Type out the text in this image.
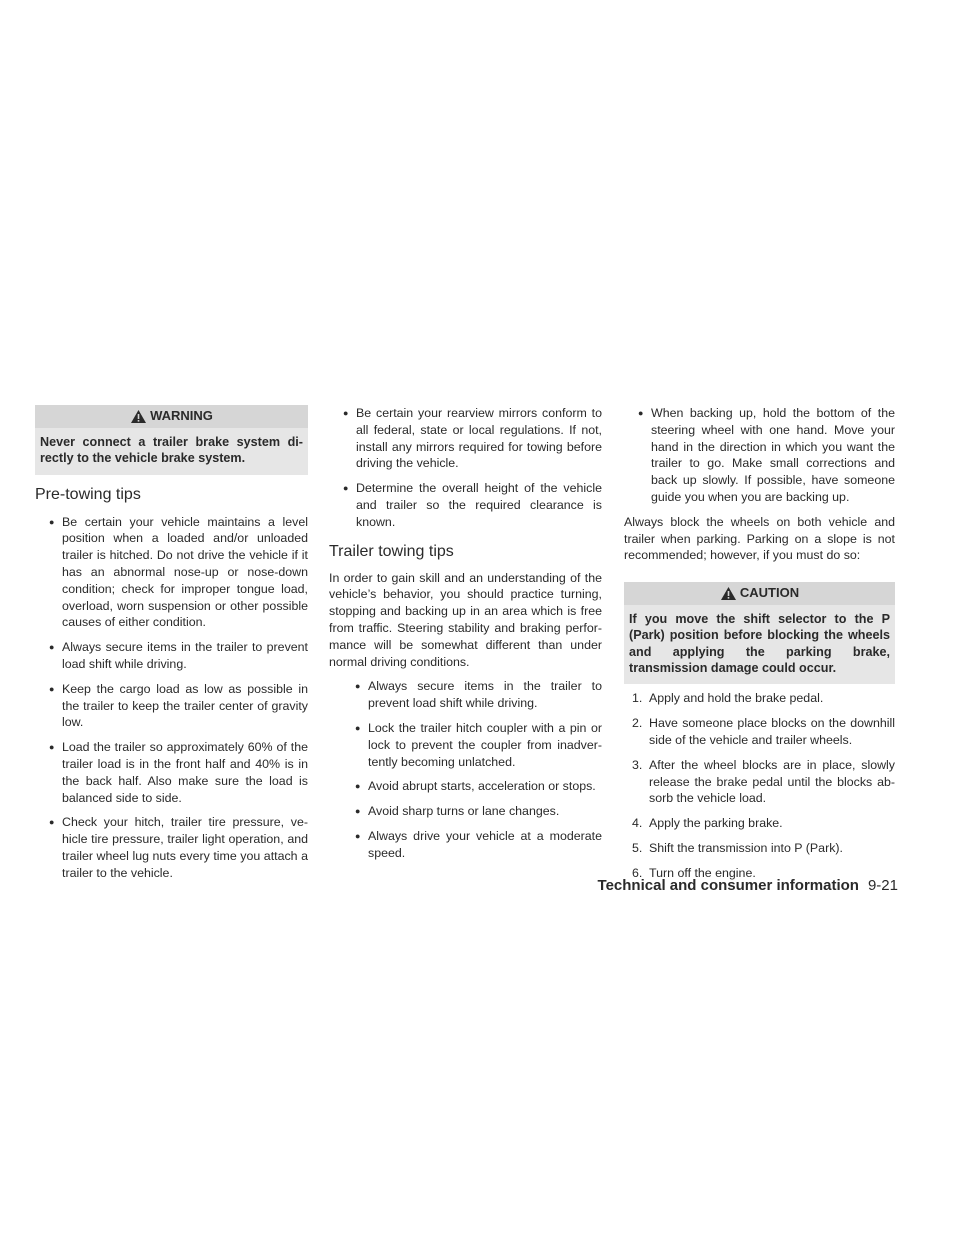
WARNING
Never connect a trailer brake system di-rectly to the vehicle brake system.
Pre-towing tips
● Be certain your vehicle maintains a level position when a loaded and/or unloaded trailer is hitched. Do not drive the vehicle if it has an abnormal nose-up or nose-down condition; check for improper tongue load, overload, worn suspension or other possible causes of either condition.
● Always secure items in the trailer to prevent load shift while driving.
● Keep the cargo load as low as possible in the trailer to keep the trailer center of gravity low.
● Load the trailer so approximately 60% of the trailer load is in the front half and 40% is in the back half. Also make sure the load is balanced side to side.
● Check your hitch, trailer tire pressure, ve-hicle tire pressure, trailer light operation, and trailer wheel lug nuts every time you attach a trailer to the vehicle.
● Be certain your rearview mirrors conform to all federal, state or local regulations. If not, install any mirrors required for towing before driving the vehicle.
● Determine the overall height of the vehicle and trailer so the required clearance is known.
Trailer towing tips

In order to gain skill and an understanding of the vehicle’s behavior, you should practice turning, stopping and backing up in an area which is free from traffic. Steering stability and braking perfor-mance will be somewhat different than under normal driving conditions.

● Always secure items in the trailer to prevent load shift while driving.
● Lock the trailer hitch coupler with a pin or lock to prevent the coupler from inadver-tently becoming unlatched.
● Avoid abrupt starts, acceleration or stops.
● Avoid sharp turns or lane changes.
● Always drive your vehicle at a moderate speed.
● When backing up, hold the bottom of the steering wheel with one hand. Move your hand in the direction in which you want the trailer to go. Make small corrections and back up slowly. If possible, have someone guide you when you are backing up.

Always block the wheels on both vehicle and trailer when parking. Parking on a slope is not recommended; however, if you must do so:

CAUTION
If you move the shift selector to the P (Park) position before blocking the wheels and applying the parking brake, transmission damage could occur.
1. Apply and hold the brake pedal.
2. Have someone place blocks on the downhill side of the vehicle and trailer wheels.
3. After the wheel blocks are in place, slowly release the brake pedal until the blocks ab-sorb the vehicle load.
4. Apply the parking brake.
5. Shift the transmission into P (Park).
6. Turn off the engine.
Technical and consumer information 9-21
